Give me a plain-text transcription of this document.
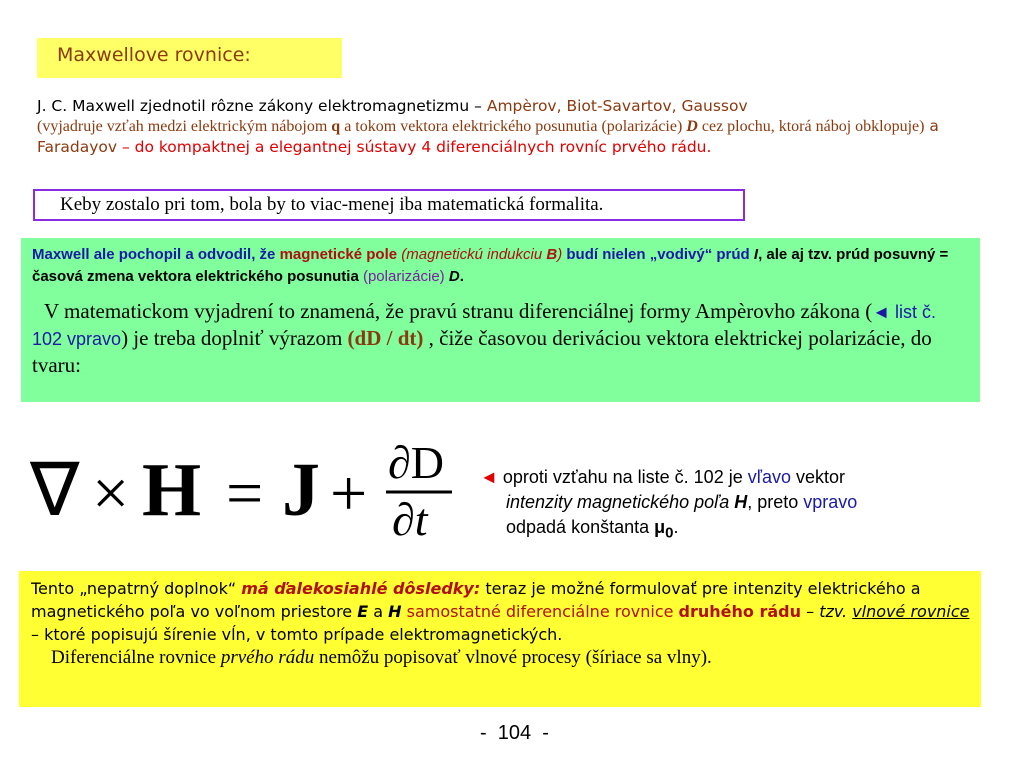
Maxwellove rovnice:
J. C. Maxwell zjednotil rôzne zákony elektromagnetizmu – Ampèrov, Biot-Savartov, Gaussov
(vyjadruje vzťah medzi elektrickým nábojom q a tokom vektora elektrického posunutia (polarizácie) D cez plochu, ktorá náboj obklopuje) a Faradayov – do kompaktnej a elegantnej sústavy 4 diferenciálnych rovníc prvého rádu.
Keby zostalo pri tom, bola by to viac-menej iba matematická formalita.
Maxwell ale pochopil a odvodil, že magnetické pole (magnetickú indukciu B) budí nielen „vodivý“ prúd I, ale aj tzv. prúd posuvný = časová zmena vektora elektrického posunutia (polarizácie) D.
V matematickom vyjadrení to znamená, že pravú stranu diferenciálnej formy Ampèrovho zákona (◄ list č. 102 vpravo) je treba doplniť výrazom (dD / dt) , čiže časovou deriváciou vektora elektrickej polarizácie, do tvaru:
∇ × H = J + ∂D
∂t
◄ oproti vzťahu na liste č. 102 je vľavo vektor
intenzity magnetického poľa H, preto vpravo
odpadá konštanta $\mu_0$.
Tento „nepatrný doplnok“ má ďalekosiahlé dôsledky: teraz je možné formulovať pre intenzity elektrického a magnetického poľa vo voľnom priestore E a H samostatné diferenciálne rovnice druhého rádu – tzv. vlnové rovnice – ktoré popisujú šírenie vĺn, v tomto prípade elektromagnetických.
Diferenciálne rovnice prvého rádu nemôžu popisovať vlnové procesy (šíriace sa vlny).
-  104  -
